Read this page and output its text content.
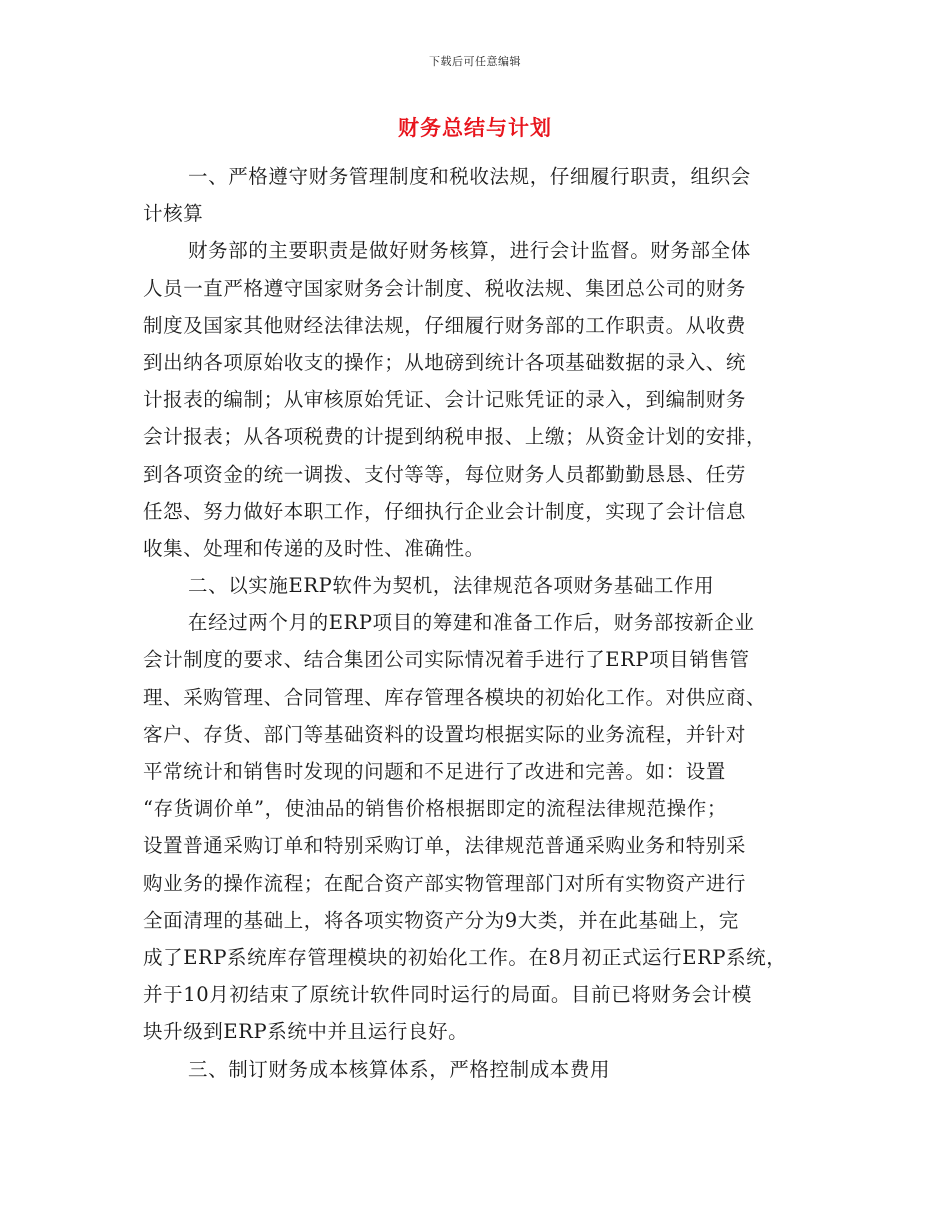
下载后可任意编辑
财务总结与计划
一、严格遵守财务管理制度和税收法规，仔细履行职责，组织会
计核算
财务部的主要职责是做好财务核算，进行会计监督。财务部全体
人员一直严格遵守国家财务会计制度、税收法规、集团总公司的财务
制度及国家其他财经法律法规，仔细履行财务部的工作职责。从收费
到出纳各项原始收支的操作；从地磅到统计各项基础数据的录入、统
计报表的编制；从审核原始凭证、会计记账凭证的录入，到编制财务
会计报表；从各项税费的计提到纳税申报、上缴；从资金计划的安排，
到各项资金的统一调拨、支付等等，每位财务人员都勤勤恳恳、任劳
任怨、努力做好本职工作，仔细执行企业会计制度，实现了会计信息
收集、处理和传递的及时性、准确性。
二、以实施ERP软件为契机，法律规范各项财务基础工作用
在经过两个月的ERP项目的筹建和准备工作后，财务部按新企业
会计制度的要求、结合集团公司实际情况着手进行了ERP项目销售管
理、采购管理、合同管理、库存管理各模块的初始化工作。对供应商、
客户、存货、部门等基础资料的设置均根据实际的业务流程，并针对
平常统计和销售时发现的问题和不足进行了改进和完善。如：设置
“存货调价单”，使油品的销售价格根据即定的流程法律规范操作；
设置普通采购订单和特别采购订单，法律规范普通采购业务和特别采
购业务的操作流程；在配合资产部实物管理部门对所有实物资产进行
全面清理的基础上，将各项实物资产分为9大类，并在此基础上，完
成了ERP系统库存管理模块的初始化工作。在8月初正式运行ERP系统，
并于10月初结束了原统计软件同时运行的局面。目前已将财务会计模
块升级到ERP系统中并且运行良好。
三、制订财务成本核算体系，严格控制成本费用
